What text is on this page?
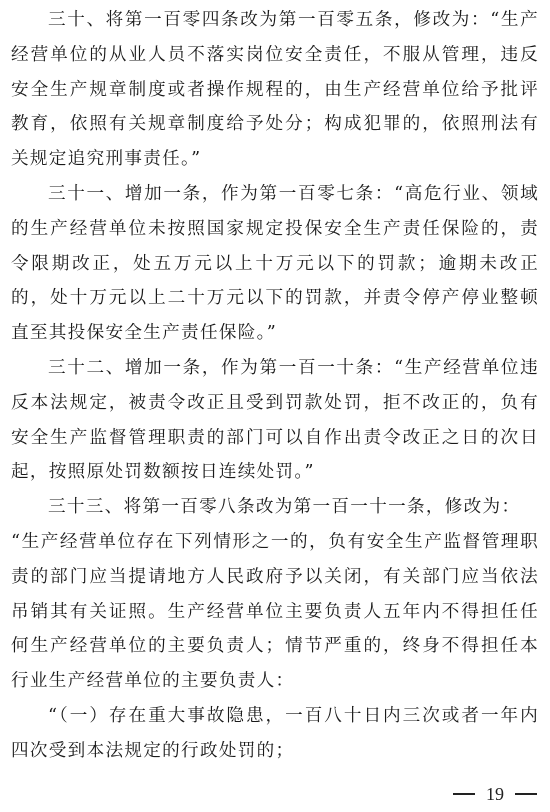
三十、将第一百零四条改为第一百零五条，修改为：“生产经营单位的从业人员不落实岗位安全责任，不服从管理，违反安全生产规章制度或者操作规程的，由生产经营单位给予批评教育，依照有关规章制度给予处分；构成犯罪的，依照刑法有关规定追究刑事责任。”

三十一、增加一条，作为第一百零七条：“高危行业、领域的生产经营单位未按照国家规定投保安全生产责任保险的，责令限期改正，处五万元以上十万元以下的罚款；逾期未改正的，处十万元以上二十万元以下的罚款，并责令停产停业整顿直至其投保安全生产责任保险。”

三十二、增加一条，作为第一百一十条：“生产经营单位违反本法规定，被责令改正且受到罚款处罚，拒不改正的，负有安全生产监督管理职责的部门可以自作出责令改正之日的次日起，按照原处罚数额按日连续处罚。”

三十三、将第一百零八条改为第一百一十一条，修改为：

“生产经营单位存在下列情形之一的，负有安全生产监督管理职责的部门应当提请地方人民政府予以关闭，有关部门应当依法吊销其有关证照。生产经营单位主要负责人五年内不得担任任何生产经营单位的主要负责人；情节严重的，终身不得担任本行业生产经营单位的主要负责人：

“（一）存在重大事故隐患，一百八十日内三次或者一年内四次受到本法规定的行政处罚的；

19
